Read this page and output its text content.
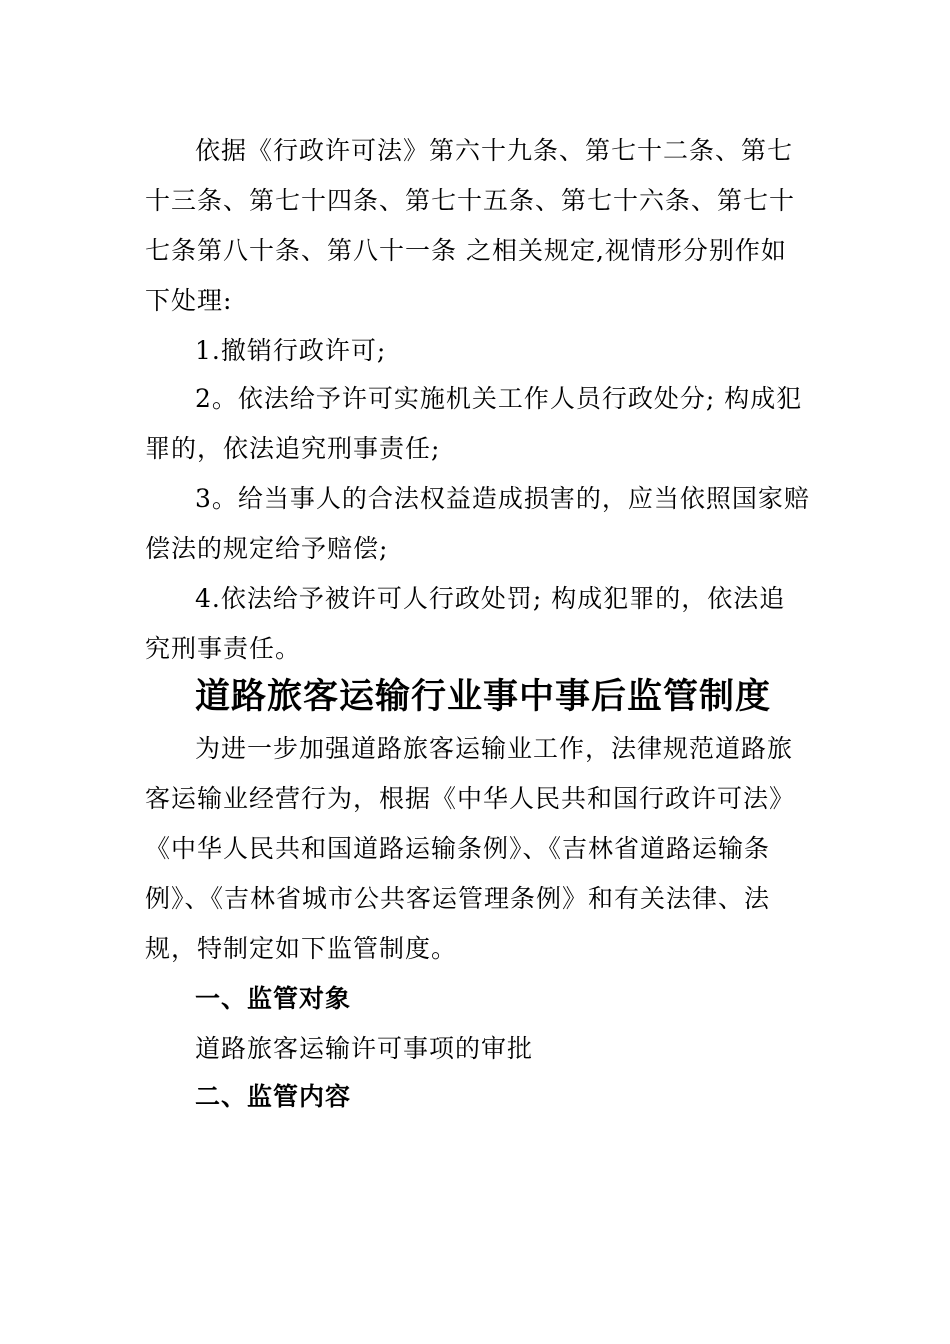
依据《行政许可法》第六十九条、第七十二条、第七
十三条、第七十四条、第七十五条、第七十六条、第七十
七条第八十条、第八十一条 之相关规定,视情形分别作如
下处理:
1.撤销行政许可;
2。依法给予许可实施机关工作人员行政处分; 构成犯
罪的，依法追究刑事责任;
3。给当事人的合法权益造成损害的，应当依照国家赔
偿法的规定给予赔偿;
4.依法给予被许可人行政处罚; 构成犯罪的，依法追
究刑事责任。
道路旅客运输行业事中事后监管制度
为进一步加强道路旅客运输业工作，法律规范道路旅
客运输业经营行为，根据《中华人民共和国行政许可法》
《中华人民共和国道路运输条例》、《吉林省道路运输条
例》、《吉林省城市公共客运管理条例》和有关法律、法
规，特制定如下监管制度。
一、监管对象
道路旅客运输许可事项的审批
二、监管内容
